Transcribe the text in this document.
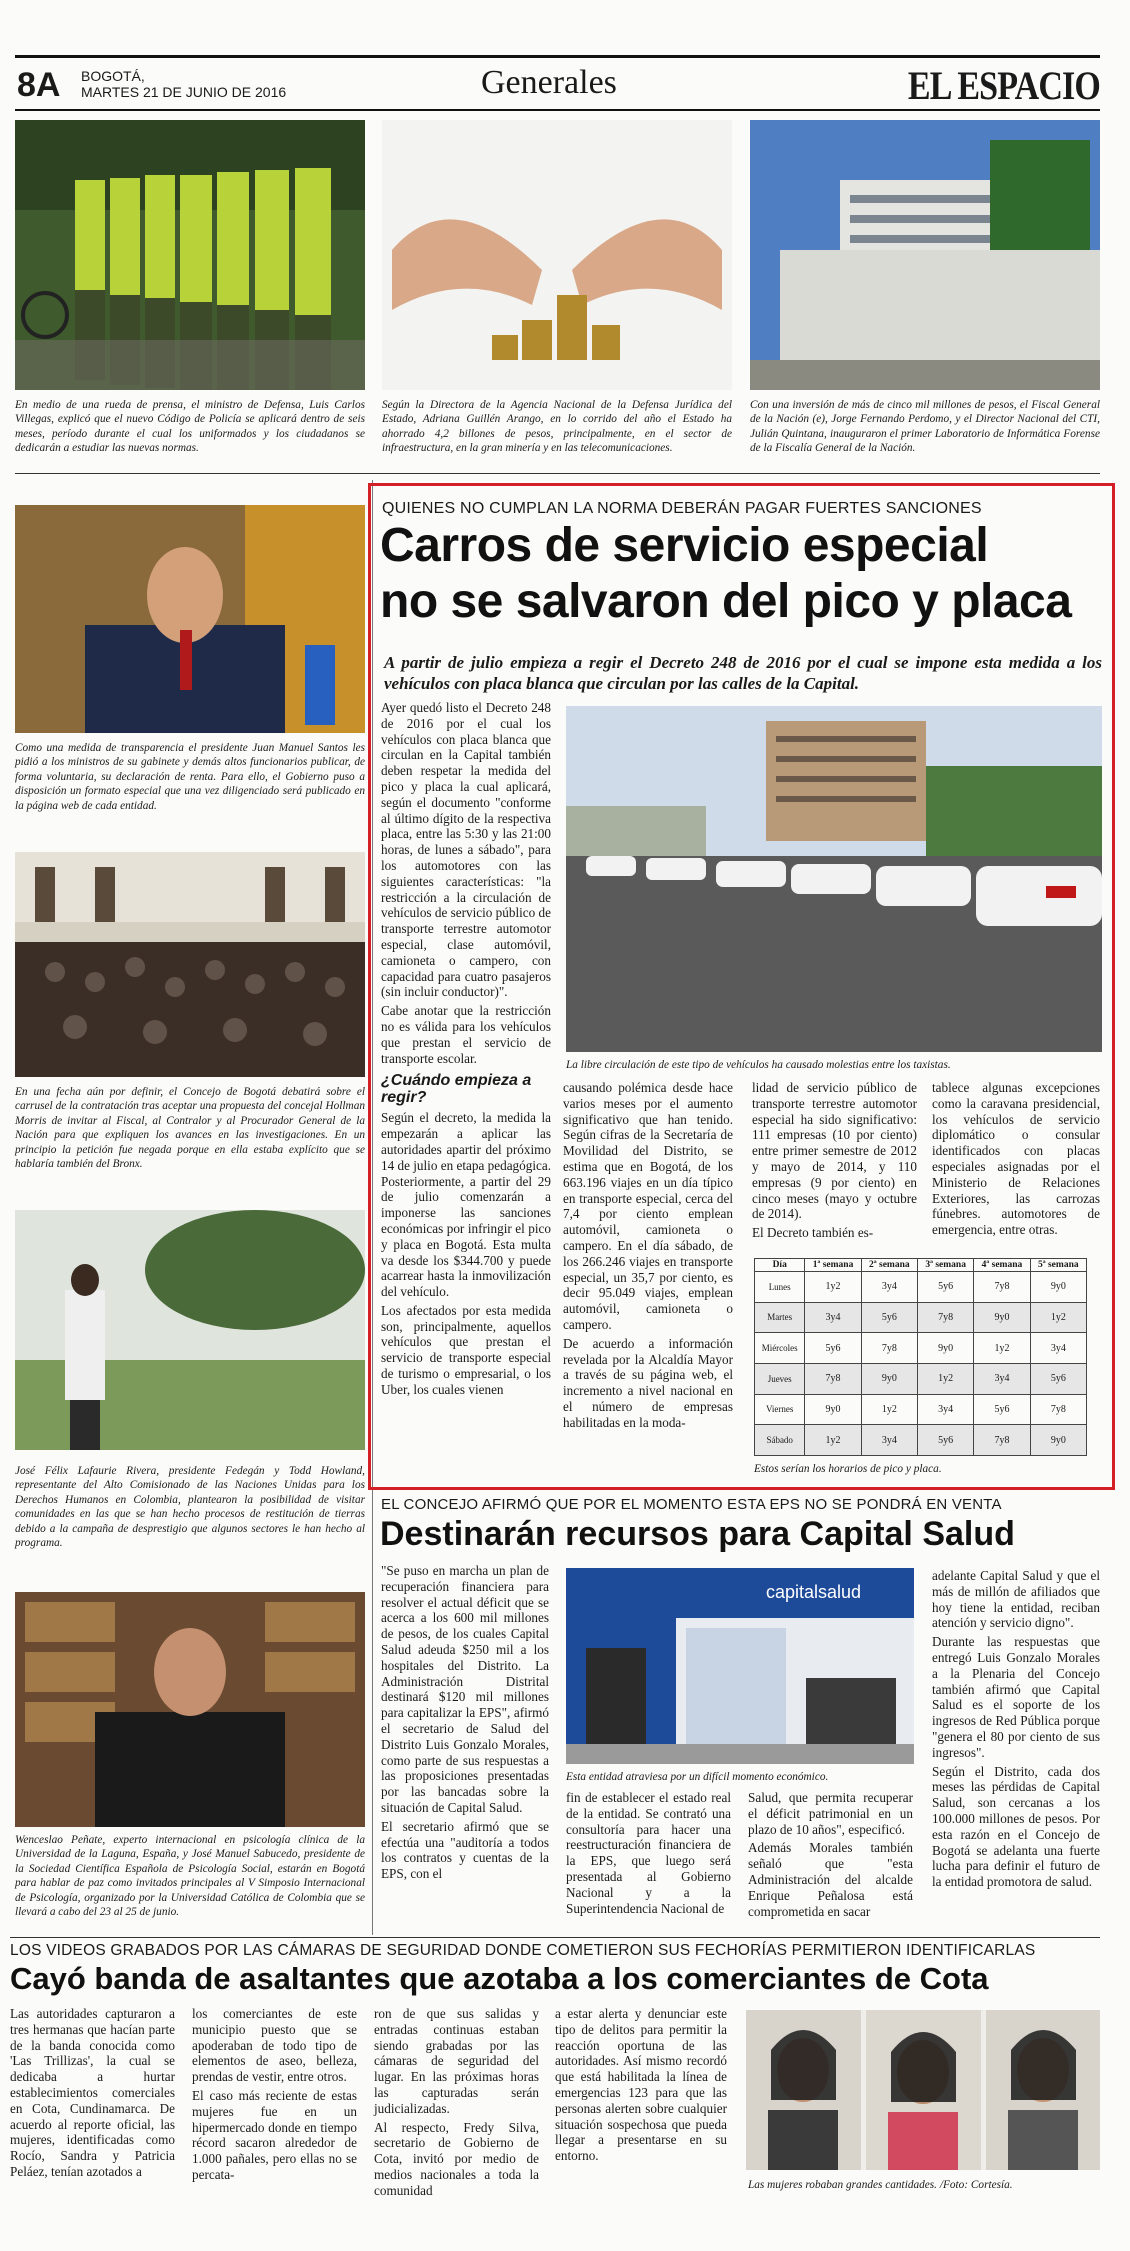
8A BOGOTÁ,
MARTES 21 DE JUNIO DE 2016	Generales	EL ESPACIO
En medio de una rueda de prensa, el ministro de Defensa, Luis Carlos Villegas, explicó que el nuevo Código de Policía se aplicará dentro de seis meses, período durante el cual los uniformados y los ciudadanos se dedicarán a estudiar las nuevas normas.
Según la Directora de la Agencia Nacional de la Defensa Jurídica del Estado, Adriana Guillén Arango, en lo corrido del año el Estado ha ahorrado 4,2 billones de pesos, principalmente, en el sector de infraestructura, en la gran minería y en las telecomunicaciones.
Con una inversión de más de cinco mil millones de pesos, el Fiscal General de la Nación (e), Jorge Fernando Perdomo, y el Director Nacional del CTI, Julián Quintana, inauguraron el primer Laboratorio de Informática Forense de la Fiscalía General de la Nación.
Como una medida de transparencia el presidente Juan Manuel Santos les pidió a los ministros de su gabinete y demás altos funcionarios publicar, de forma voluntaria, su declaración de renta. Para ello, el Gobierno puso a disposición un formato especial que una vez diligenciado será publicado en la página web de cada entidad.
En una fecha aún por definir, el Concejo de Bogotá debatirá sobre el carrusel de la contratación tras aceptar una propuesta del concejal Hollman Morris de invitar al Fiscal, al Contralor y al Procurador General de la Nación para que expliquen los avances en las investigaciones. En un principio la petición fue negada porque en ella estaba explícito que se hablaría también del Bronx.
José Félix Lafaurie Rivera, presidente Fedegán y Todd Howland, representante del Alto Comisionado de las Naciones Unidas para los Derechos Humanos en Colombia, plantearon la posibilidad de visitar comunidades en las que se han hecho procesos de restitución de tierras debido a la campaña de desprestigio que algunos sectores le han hecho al programa.
Wenceslao Peñate, experto internacional en psicología clínica de la Universidad de la Laguna, España, y José Manuel Sabucedo, presidente de la Sociedad Científica Española de Psicología Social, estarán en Bogotá para hablar de paz como invitados principales al V Simposio Internacional de Psicología, organizado por la Universidad Católica de Colombia que se llevará a cabo del 23 al 25 de junio.
QUIENES NO CUMPLAN LA NORMA DEBERÁN PAGAR FUERTES SANCIONES
Carros de servicio especial
no se salvaron del pico y placa
A partir de julio empieza a regir el Decreto 248 de 2016 por el cual se impone esta medida a los vehículos con placa blanca que circulan por las calles de la Capital.

Ayer quedó listo el Decreto 248 de 2016 por el cual los vehículos con placa blanca que circulan en la Capital también deben respetar la medida del pico y placa la cual aplicará, según el documento "conforme al último dígito de la respectiva placa, entre las 5:30 y las 21:00 horas, de lunes a sábado", para los automotores con las siguientes características: "la restricción a la circulación de vehículos de servicio público de transporte terrestre automotor especial, clase automóvil, camioneta o campero, con capacidad para cuatro pasajeros (sin incluir conductor)".

Cabe anotar que la restricción no es válida para los vehículos que prestan el servicio de transporte escolar.

¿Cuándo empieza a regir?

Según el decreto, la medida la empezarán a aplicar las autoridades apartir del próximo 14 de julio en etapa pedagógica. Posteriormente, a partir del 29 de julio comenzarán a imponerse las sanciones económicas por infringir el pico y placa en Bogotá. Esta multa va desde los $344.700 y puede acarrear hasta la inmovilización del vehículo.

Los afectados por esta medida son, principalmente, aquellos vehículos que prestan el servicio de transporte especial de turismo o empresarial, o los Uber, los cuales vienen

La libre circulación de este tipo de vehículos ha causado molestias entre los taxistas.

causando polémica desde hace varios meses por el aumento significativo que han tenido. Según cifras de la Secretaría de Movilidad del Distrito, se estima que en Bogotá, de los 663.196 viajes en un día típico en transporte especial, cerca del 7,4 por ciento emplean automóvil, camioneta o campero. En el día sábado, de los 266.246 viajes en transporte especial, un 35,7 por ciento, es decir 95.049 viajes, emplean automóvil, camioneta o campero.

De acuerdo a información revelada por la Alcaldía Mayor a través de su página web, el incremento a nivel nacional en el número de empresas habilitadas en la moda-

lidad de servicio público de transporte terrestre automotor especial ha sido significativo: 111 empresas (10 por ciento) entre primer semestre de 2012 y mayo de 2014, y 110 empresas (9 por ciento) en cinco meses (mayo y octubre de 2014).

El Decreto también es-

tablece algunas excepciones como la caravana presidencial, los vehículos de servicio diplomático o consular identificados con placas especiales asignadas por el Ministerio de Relaciones Exteriores, las carrozas fúnebres. automotores de emergencia, entre otras.

Día	1ª semana	2ª semana	3ª semana	4ª semana	5ª semana
Lunes	1y2	3y4	5y6	7y8	9y0
Martes	3y4	5y6	7y8	9y0	1y2
Miércoles	5y6	7y8	9y0	1y2	3y4
Jueves	7y8	9y0	1y2	3y4	5y6
Viernes	9y0	1y2	3y4	5y6	7y8
Sábado	1y2	3y4	5y6	7y8	9y0
Estos serían los horarios de pico y placa.
EL CONCEJO AFIRMÓ QUE POR EL MOMENTO ESTA EPS NO SE PONDRÁ EN VENTA
Destinarán recursos para Capital Salud

"Se puso en marcha un plan de recuperación financiera para resolver el actual déficit que se acerca a los 600 mil millones de pesos, de los cuales Capital Salud adeuda $250 mil a los hospitales del Distrito. La Administración Distrital destinará $120 mil millones para capitalizar la EPS", afirmó el secretario de Salud del Distrito Luis Gonzalo Morales, como parte de sus respuestas a las proposiciones presentadas por las bancadas sobre la situación de Capital Salud.

El secretario afirmó que se efectúa una "auditoría a todos los contratos y cuentas de la EPS, con el

capitalsalud
Esta entidad atraviesa por un difícil momento económico.

fin de establecer el estado real de la entidad. Se contrató una consultoría para hacer una reestructuración financiera de la EPS, que luego será presentada al Gobierno Nacional y a la Superintendencia Nacional de

Salud, que permita recuperar el déficit patrimonial en un plazo de 10 años", especificó.

Además Morales también señaló que "esta Administración del alcalde Enrique Peñalosa está comprometida en sacar

adelante Capital Salud y que el más de millón de afiliados que hoy tiene la entidad, reciban atención y servicio digno".

Durante las respuestas que entregó Luis Gonzalo Morales a la Plenaria del Concejo también afirmó que Capital Salud es el soporte de los ingresos de Red Pública porque "genera el 80 por ciento de sus ingresos".

Según el Distrito, cada dos meses las pérdidas de Capital Salud, son cercanas a los 100.000 millones de pesos. Por esta razón en el Concejo de Bogotá se adelanta una fuerte lucha para definir el futuro de la entidad promotora de salud.

LOS VIDEOS GRABADOS POR LAS CÁMARAS DE SEGURIDAD DONDE COMETIERON SUS FECHORÍAS PERMITIERON IDENTIFICARLAS
Cayó banda de asaltantes que azotaba a los comerciantes de Cota

Las autoridades capturaron a tres hermanas que hacían parte de la banda conocida como 'Las Trillizas', la cual se dedicaba a hurtar establecimientos comerciales en Cota, Cundinamarca. De acuerdo al reporte oficial, las mujeres, identificadas como Rocío, Sandra y Patricia Peláez, tenían azotados a

los comerciantes de este municipio puesto que se apoderaban de todo tipo de elementos de aseo, belleza, prendas de vestir, entre otros.

El caso más reciente de estas mujeres fue en un hipermercado donde en tiempo récord sacaron alrededor de 1.000 pañales, pero ellas no se percata-

ron de que sus salidas y entradas continuas estaban siendo grabadas por las cámaras de seguridad del lugar. En las próximas horas las capturadas serán judicializadas.

Al respecto, Fredy Silva, secretario de Gobierno de Cota, invitó por medio de medios nacionales a toda la comunidad

a estar alerta y denunciar este tipo de delitos para permitir la reacción oportuna de las autoridades. Así mismo recordó que está habilitada la línea de emergencias 123 para que las personas alerten sobre cualquier situación sospechosa que pueda llegar a presentarse en su entorno.

Las mujeres robaban grandes cantidades. /Foto: Cortesía.
